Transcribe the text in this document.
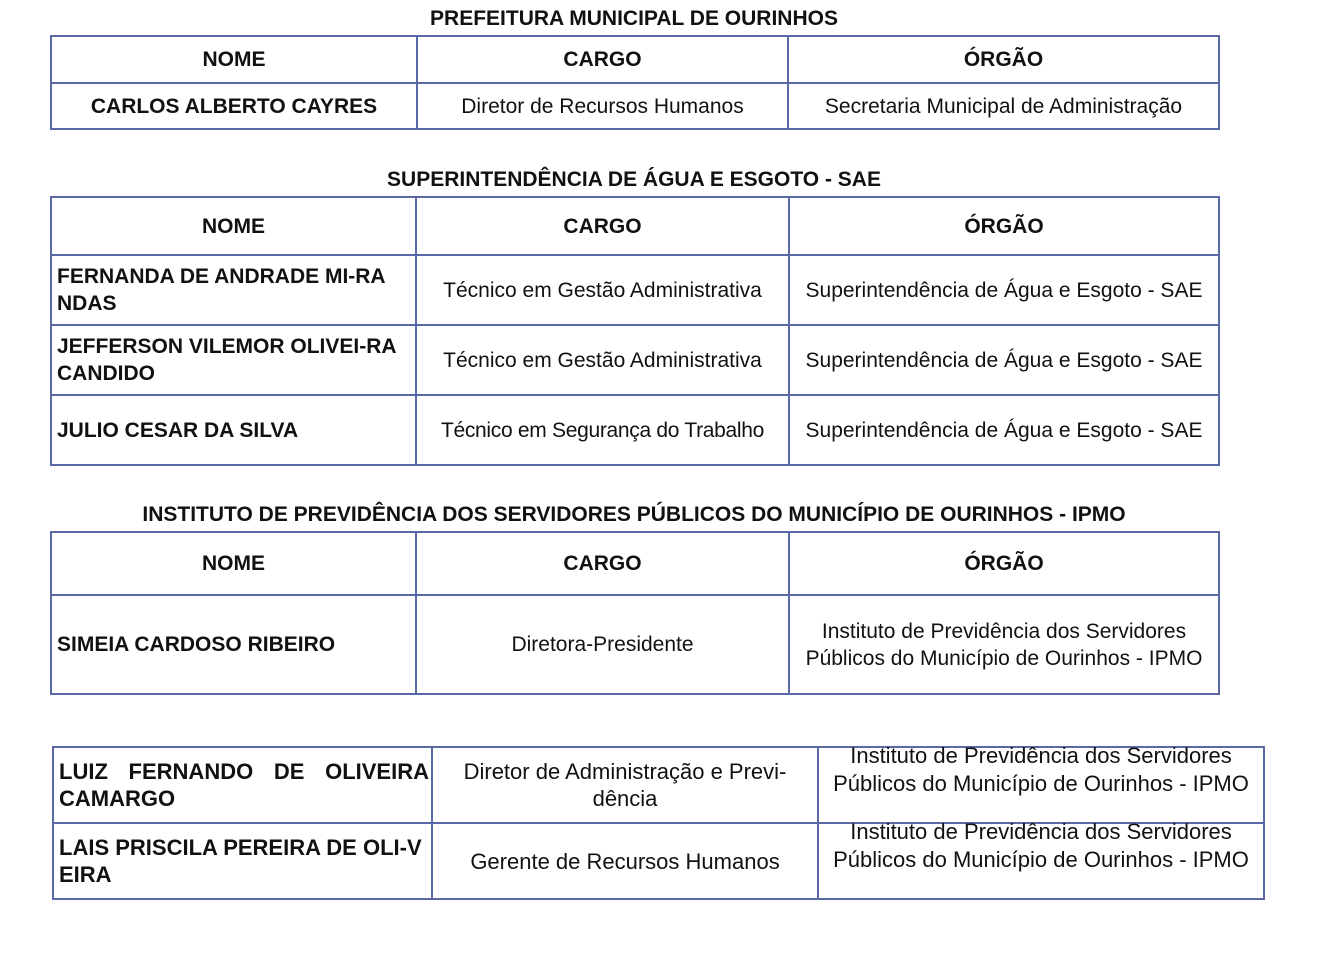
PREFEITURA MUNICIPAL DE OURINHOS
NOME	CARGO	ÓRGÃO
CARLOS ALBERTO CAYRES	Diretor de Recursos Humanos	Secretaria Municipal de Administração
SUPERINTENDÊNCIA DE ÁGUA E ESGOTO - SAE
NOME	CARGO	ÓRGÃO

FERNANDA DE ANDRADE MI-RANDAS	Técnico em Gestão Administrativa	Superintendência de Água e Esgoto - SAE

JEFFERSON VILEMOR OLIVEI-RA CANDIDO	Técnico em Gestão Administrativa	Superintendência de Água e Esgoto - SAE

JULIO CESAR DA SILVA	Técnico em Segurança do Trabalho	Superintendência de Água e Esgoto - SAE
INSTITUTO DE PREVIDÊNCIA DOS SERVIDORES PÚBLICOS DO MUNICÍPIO DE OURINHOS - IPMO
NOME	CARGO	ÓRGÃO
SIMEIA CARDOSO RIBEIRO	Diretora-Presidente	Instituto de Previdência dos Servidores Públicos do Município de Ourinhos - IPMO
LUIZ FERNANDO DE OLIVEIRA CAMARGO	Diretor de Administração e Previ-dência	Instituto de Previdência dos Servidores Públicos do Município de Ourinhos - IPMO

LAIS PRISCILA PEREIRA DE OLI-VEIRA	Gerente de Recursos Humanos	Instituto de Previdência dos Servidores Públicos do Município de Ourinhos - IPMO
